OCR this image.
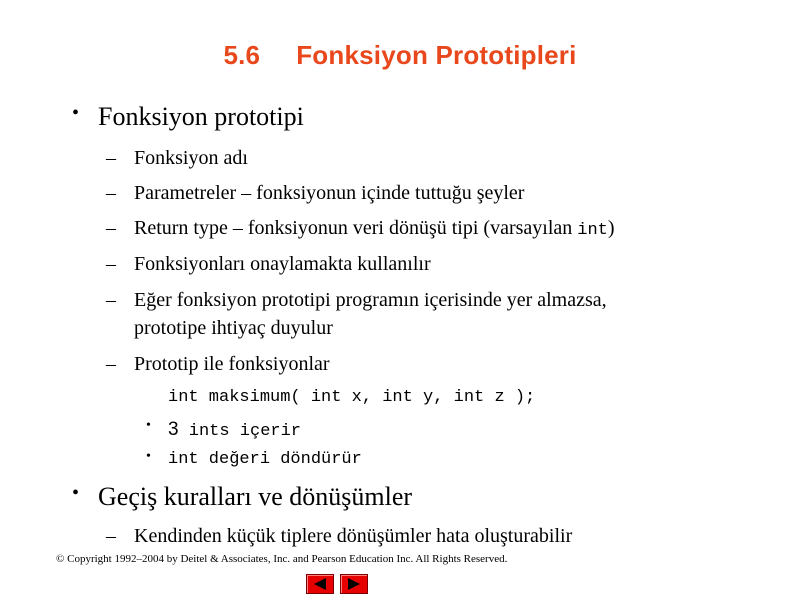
5.6 Fonksiyon Prototipleri
• Fonksiyon prototipi
– Fonksiyon adı
– Parametreler – fonksiyonun içinde tuttuğu şeyler
– Return type – fonksiyonun veri dönüşü tipi (varsayılan int)
– Fonksiyonları onaylamakta kullanılır
– Eğer fonksiyon prototipi programın içerisinde yer almazsa,
prototipe ihtiyaç duyulur
– Prototip ile fonksiyonlar
int maksimum( int x, int y, int z );
• 3 ints içerir
• int değeri döndürür
• Geçiş kuralları ve dönüşümler
– Kendinden küçük tiplere dönüşümler hata oluşturabilir
© Copyright 1992–2004 by Deitel & Associates, Inc. and Pearson Education Inc. All Rights Reserved.
